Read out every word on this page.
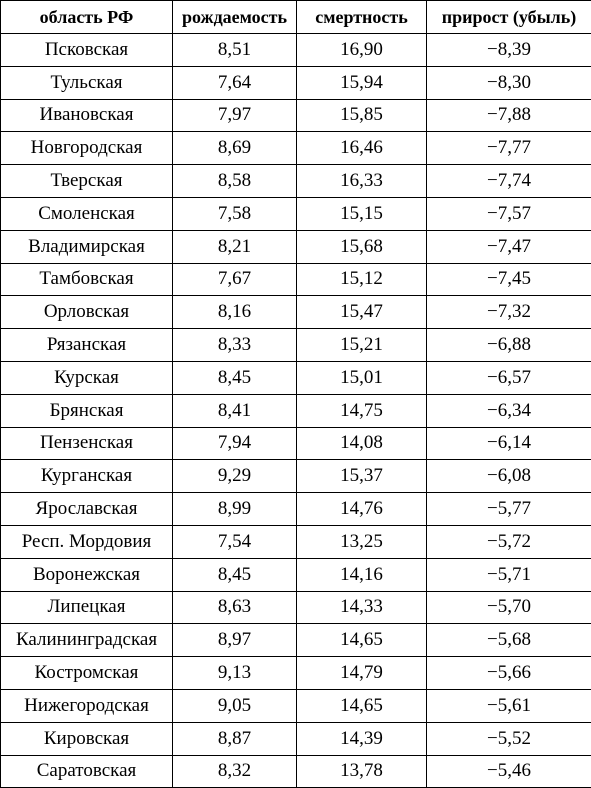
область РФ	рождаемость	смертность	прирост (убыль)
Псковская	8,51	16,90	−8,39
Тульская	7,64	15,94	−8,30
Ивановская	7,97	15,85	−7,88
Новгородская	8,69	16,46	−7,77
Тверская	8,58	16,33	−7,74
Смоленская	7,58	15,15	−7,57
Владимирская	8,21	15,68	−7,47
Тамбовская	7,67	15,12	−7,45
Орловская	8,16	15,47	−7,32
Рязанская	8,33	15,21	−6,88
Курская	8,45	15,01	−6,57
Брянская	8,41	14,75	−6,34
Пензенская	7,94	14,08	−6,14
Курганская	9,29	15,37	−6,08
Ярославская	8,99	14,76	−5,77
Респ. Мордовия	7,54	13,25	−5,72
Воронежская	8,45	14,16	−5,71
Липецкая	8,63	14,33	−5,70
Калининградская	8,97	14,65	−5,68
Костромская	9,13	14,79	−5,66
Нижегородская	9,05	14,65	−5,61
Кировская	8,87	14,39	−5,52
Саратовская	8,32	13,78	−5,46
